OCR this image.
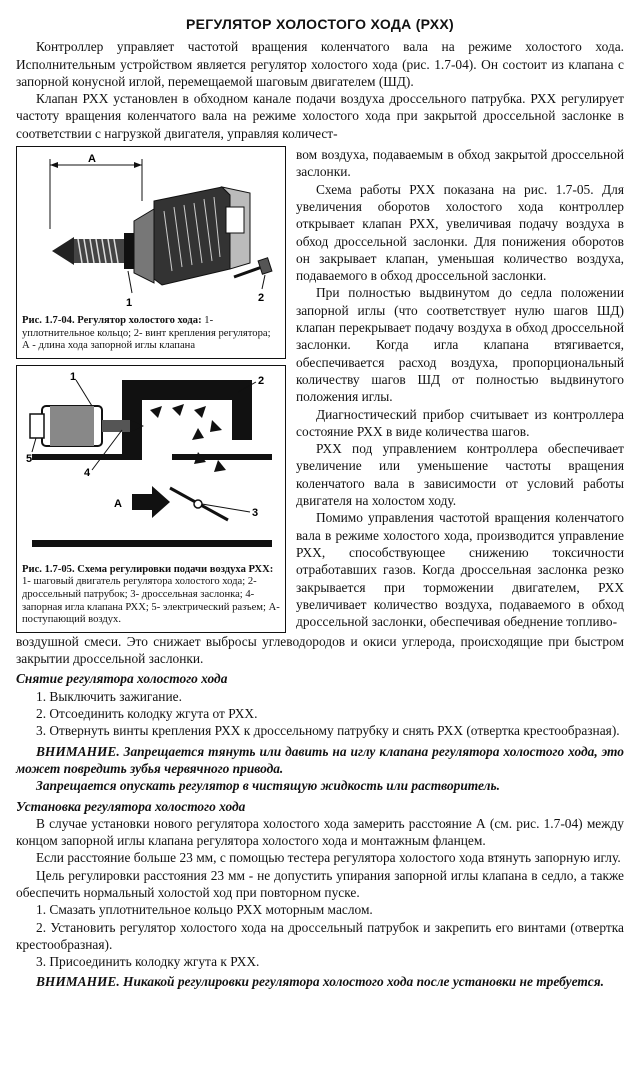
РЕГУЛЯТОР ХОЛОСТОГО ХОДА (РХХ)

Контроллер управляет частотой вращения коленчатого вала на режиме холостого хода. Исполнительным устройством является регулятор холостого хода (рис. 1.7-04). Он состоит из клапана с запорной конусной иглой, перемещаемой шаговым двигателем (ШД).

Клапан РХХ установлен в обходном канале подачи воздуха дроссельного патрубка. РХХ регулирует частоту вращения коленчатого вала на режиме холостого хода при закрытой дроссельной заслонке в соответствии с нагрузкой двигателя, управляя количест-

А
1	2
Рис. 1.7-04. Регулятор холостого хода: 1- уплотнительное кольцо; 2- винт крепления регулятора; А - длина хода запорной иглы клапана
А
1	2
3
4
5
Рис. 1.7-05. Схема регулировки подачи воздуха РХХ: 1- шаговый двигатель регулятора холостого хода; 2- дроссельный патрубок; 3- дроссельная заслонка; 4- запорная игла клапана РХХ; 5- электрический разъем; А- поступающий воздух.

вом воздуха, подаваемым в обход закрытой дроссельной заслонки.

Схема работы РХХ показана на рис. 1.7-05. Для увеличения оборотов холостого хода контроллер открывает клапан РХХ, увеличивая подачу воздуха в обход дроссельной заслонки. Для понижения оборотов он закрывает клапан, уменьшая количество воздуха, подаваемого в обход дроссельной заслонки.

При полностью выдвинутом до седла положении запорной иглы (что соответствует нулю шагов ШД) клапан перекрывает подачу воздуха в обход дроссельной заслонки. Когда игла клапана втягивается, обеспечивается расход воздуха, пропорциональный количеству шагов ШД от полностью выдвинутого положения иглы.

Диагностический прибор считывает из контроллера состояние РХХ в виде количества шагов.

РХХ под управлением контроллера обеспечивает увеличение или уменьшение частоты вращения коленчатого вала в зависимости от условий работы двигателя на холостом ходу.

Помимо управления частотой вращения коленчатого вала в режиме холостого хода, производится управление РХХ, способствующее снижению токсичности отработавших газов. Когда дроссельная заслонка резко закрывается при торможении двигателем, РХХ увеличивает количество воздуха, подаваемого в обход дроссельной заслонки, обеспечивая обеднение топливо-

воздушной смеси. Это снижает выбросы углеводородов и окиси углерода, происходящие при быстром закрытии дроссельной заслонки.

Снятие регулятора холостого хода

1. Выключить зажигание.

2. Отсоединить колодку жгута от РХХ.

3. Отвернуть винты крепления РХХ к дроссельному патрубку и снять РХХ (отвертка крестообразная).

ВНИМАНИЕ. Запрещается тянуть или давить на иглу клапана регулятора холостого хода, это может повредить зубья червячного привода.

Запрещается опускать регулятор в чистящую жидкость или растворитель.

Установка регулятора холостого хода

В случае установки нового регулятора холостого хода замерить расстояние А (см. рис. 1.7-04) между концом запорной иглы клапана регулятора холостого хода и монтажным фланцем.

Если расстояние больше 23 мм, с помощью тестера регулятора холостого хода втянуть запорную иглу.

Цель регулировки расстояния 23 мм - не допустить упирания запорной иглы клапана в седло, а также обеспечить нормальный холостой ход при повторном пуске.

1. Смазать уплотнительное кольцо РХХ моторным маслом.

2. Установить регулятор холостого хода на дроссельный патрубок и закрепить его винтами (отвертка крестообразная).

3. Присоединить колодку жгута к РХХ.

ВНИМАНИЕ. Никакой регулировки регулятора холостого хода после установки не требуется.
